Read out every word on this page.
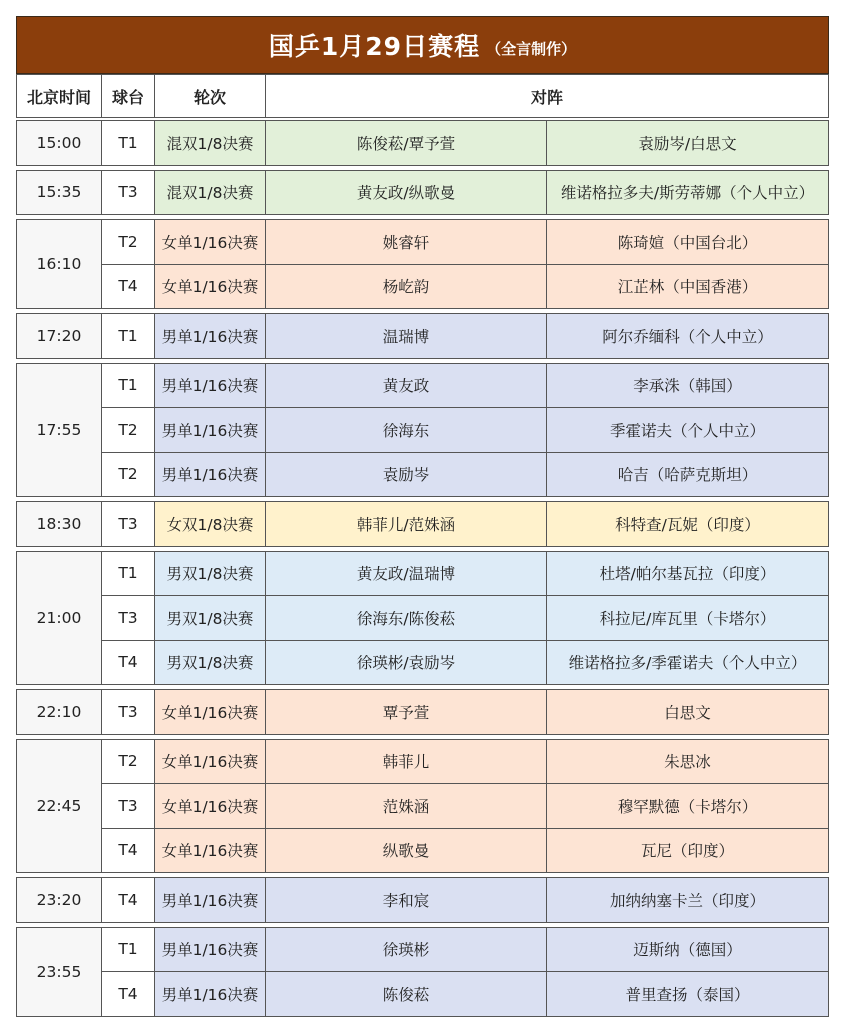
国乒1月29日赛程 （全言制作）
北京时间	球台	轮次	对阵
15:00	T1	混双1/8决赛	陈俊菘/覃予萱	袁励岑/白思文
15:35	T3	混双1/8决赛	黄友政/纵歌曼	维诺格拉多夫/斯劳蒂娜（个人中立）
16:10
T2	女单1/16决赛	姚睿轩	陈琦媗（中国台北）
T4	女单1/16决赛	杨屹韵	江芷林（中国香港）
17:20	T1	男单1/16决赛	温瑞博	阿尔乔缅科（个人中立）
17:55
T1	男单1/16决赛	黄友政	李承洙（韩国）
T2	男单1/16决赛	徐海东	季霍诺夫（个人中立）
T2	男单1/16决赛	袁励岑	哈吉（哈萨克斯坦）
18:30	T3	女双1/8决赛	韩菲儿/范姝涵	科特查/瓦妮（印度）
21:00
T1	男双1/8决赛	黄友政/温瑞博	杜塔/帕尔基瓦拉（印度）
T3	男双1/8决赛	徐海东/陈俊菘	科拉尼/库瓦里（卡塔尔）
T4	男双1/8决赛	徐瑛彬/袁励岑	维诺格拉多/季霍诺夫（个人中立）
22:10	T3	女单1/16决赛	覃予萱	白思文
22:45
T2	女单1/16决赛	韩菲儿	朱思冰
T3	女单1/16决赛	范姝涵	穆罕默德（卡塔尔）
T4	女单1/16决赛	纵歌曼	瓦尼（印度）
23:20	T4	男单1/16决赛	李和宸	加纳纳塞卡兰（印度）
23:55
T1	男单1/16决赛	徐瑛彬	迈斯纳（德国）
T4	男单1/16决赛	陈俊菘	普里查扬（泰国）
